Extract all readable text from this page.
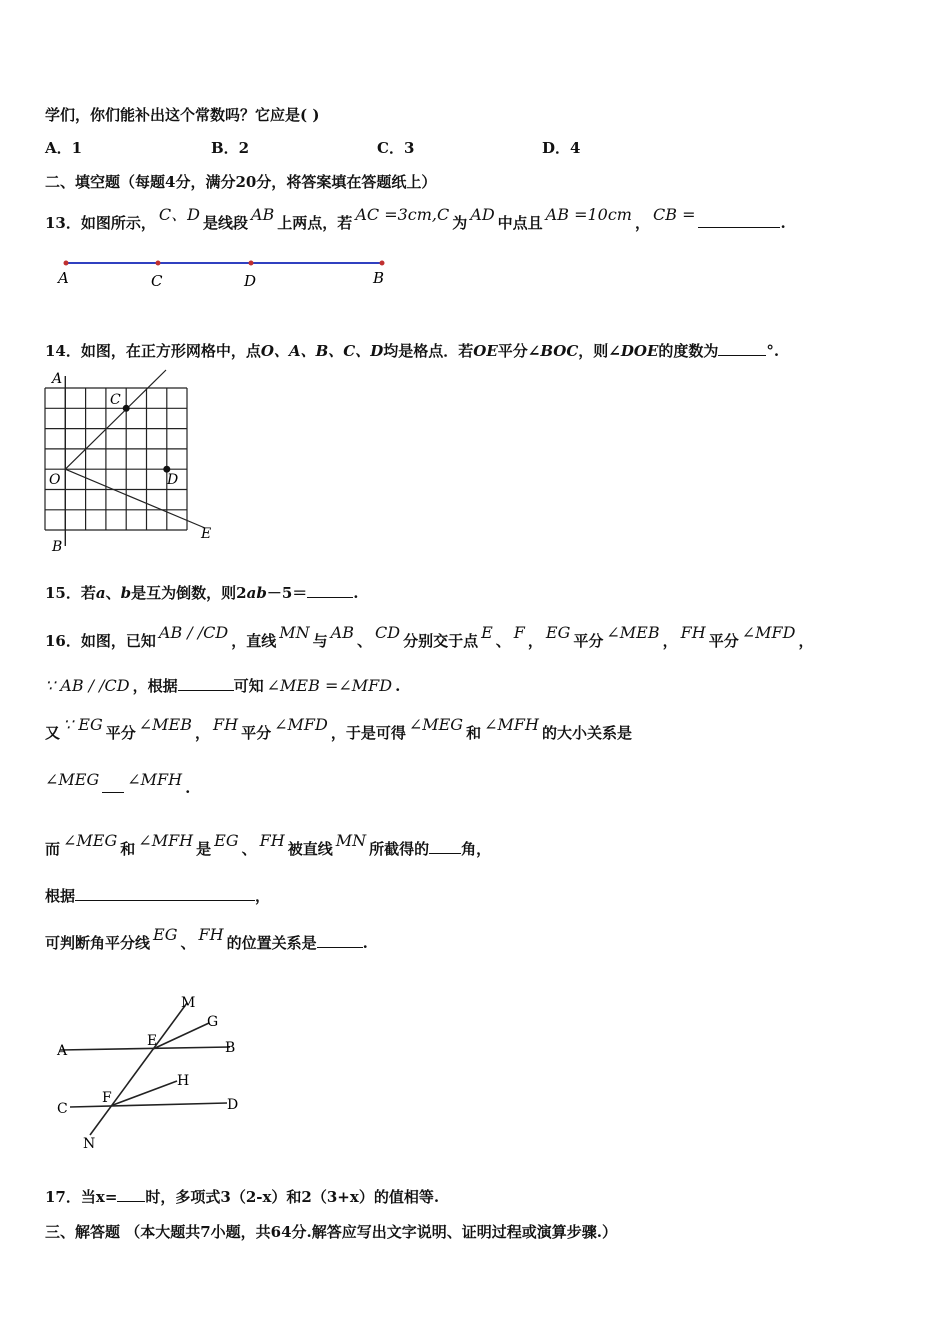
学们，你们能补出这个常数吗？它应是( )
A．1	B．2	C．3	D．4
二、填空题（每题4分，满分20分，将答案填在答题纸上）
13．如图所示， C、D 是线段 AB 上两点，若 AC =3cm,C 为 AD 中点且 AB =10cm ， CB =	.
A	C	D	B
14．如图，在正方形网格中，点O、A、B、C、D均是格点．若OE平分∠BOC，则∠DOE的度数为	°.
A
C
O	D
B
E
15．若a、b是互为倒数，则2ab－5＝	.
16．如图，已知 AB / /CD ，直线 MN 与 AB 、 CD 分别交于点 E 、 F ， EG 平分 ∠MEB ， FH 平分 ∠MFD ，
∵ AB / /CD ，根据	可知 ∠MEB =∠MFD .
又 ∵ EG 平分 ∠MEB ， FH 平分 ∠MFD ，于是可得 ∠MEG 和 ∠MFH 的大小关系是
∠MEG ∠MFH .
而 ∠MEG 和 ∠MFH 是 EG 、 FH 被直线 MN 所截得的 角，
根据	，
可判断角平分线 EG 、 FH 的位置关系是	.
M
G
E
A	B
H
F
C	D
N
17．当x= 时，多项式3（2-x）和2（3+x）的值相等.
三、解答题 （本大题共7小题，共64分.解答应写出文字说明、证明过程或演算步骤.）
